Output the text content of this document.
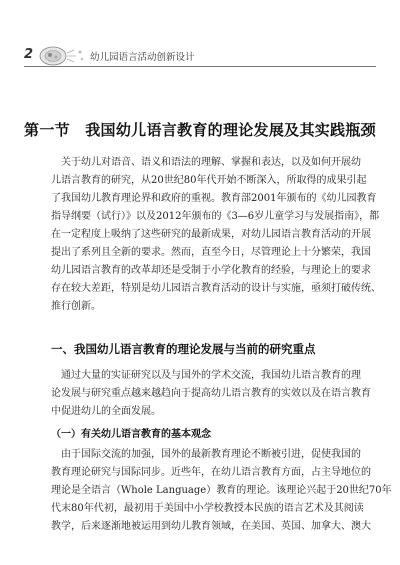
2	幼儿园语言活动创新设计
第一节　我国幼儿语言教育的理论发展及其实践瓶颈

关于幼儿对语音、语义和语法的理解、掌握和表达，以及如何开展幼

儿语言教育的研究，从20世纪80年代开始不断深入，所取得的成果引起

了我国幼儿教育理论界和政府的重视。教育部2001年颁布的《幼儿园教育

指导纲要（试行）》以及2012年颁布的《3—6岁儿童学习与发展指南》，都

在一定程度上吸纳了这些研究的最新成果，对幼儿园语言教育活动的开展

提出了系列且全新的要求。然而，直至今日，尽管理论上十分繁荣，我国

幼儿园语言教育的改革却还是受制于小学化教育的经验，与理论上的要求

存在较大差距，特别是幼儿园语言教育活动的设计与实施，亟须打破传统、

推行创新。

一、我国幼儿语言教育的理论发展与当前的研究重点

通过大量的实证研究以及与国外的学术交流，我国幼儿语言教育的理

论发展与研究重点越来越趋向于提高幼儿语言教育的实效以及在语言教育

中促进幼儿的全面发展。

（一）有关幼儿语言教育的基本观念

由于国际交流的加强，国外的最新教育理论不断被引进，促使我国的

教育理论研究与国际同步。近些年，在幼儿语言教育方面，占主导地位的

理论是全语言（Whole Language）教育的理论。该理论兴起于20世纪70年

代末80年代初，最初用于美国中小学校教授本民族的语言艺术及其阅读

教学，后来逐渐地被运用到幼儿教育领域，在美国、英国、加拿大、澳大
